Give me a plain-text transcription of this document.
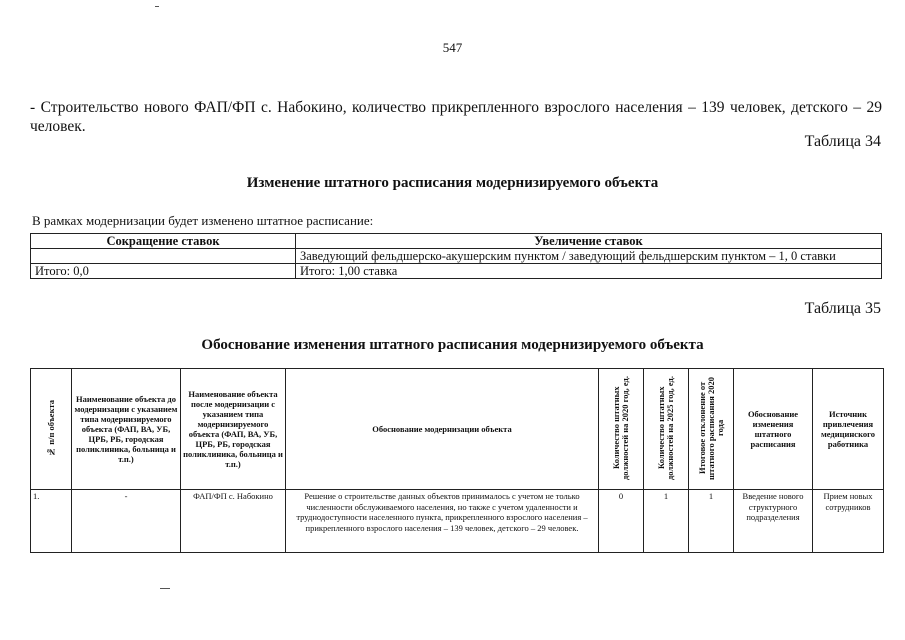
547
- Строительство нового ФАП/ФП с. Набокино, количество прикрепленного взрослого населения – 139 человек, детского – 29 человек.
Таблица 34
Изменение штатного расписания модернизируемого объекта
В рамках модернизации будет изменено штатное расписание:
Сокращение ставок	Увеличение ставок
	Заведующий фельдшерско-акушерским пунктом / заведующий фельдшерским пунктом – 1, 0 ставки
Итого: 0,0	Итого: 1,00 ставка
Таблица 35
Обоснование изменения штатного расписания модернизируемого объекта
№ п/п объекта	Наименование объекта до модернизации с указанием типа модернизируемого объекта (ФАП, ВА, УБ, ЦРБ, РБ, городская поликлиника, больница и т.п.)	Наименование объекта после модернизации с указанием типа модернизируемого объекта (ФАП, ВА, УБ, ЦРБ, РБ, городская поликлиника, больница и т.п.)	Обоснование модернизации объекта	Количество штатных должностей на 2020 год, ед.	Количество штатных должностей на 2025 год, ед.	Итоговое отклонение от штатного расписания 2020 года	Обоснование изменения штатного расписания	Источник привлечения медицинского работника
1.	-	ФАП/ФП с. Набокино	Решение о строительстве данных объектов принималось с учетом не только численности обслуживаемого населения, но также с учетом удаленности и труднодоступности населенного пункта, прикрепленного взрослого населения – прикрепленного взрослого населения – 139 человек, детского – 29 человек.	0	1	1	Введение нового структурного подразделения	Прием новых сотрудников
